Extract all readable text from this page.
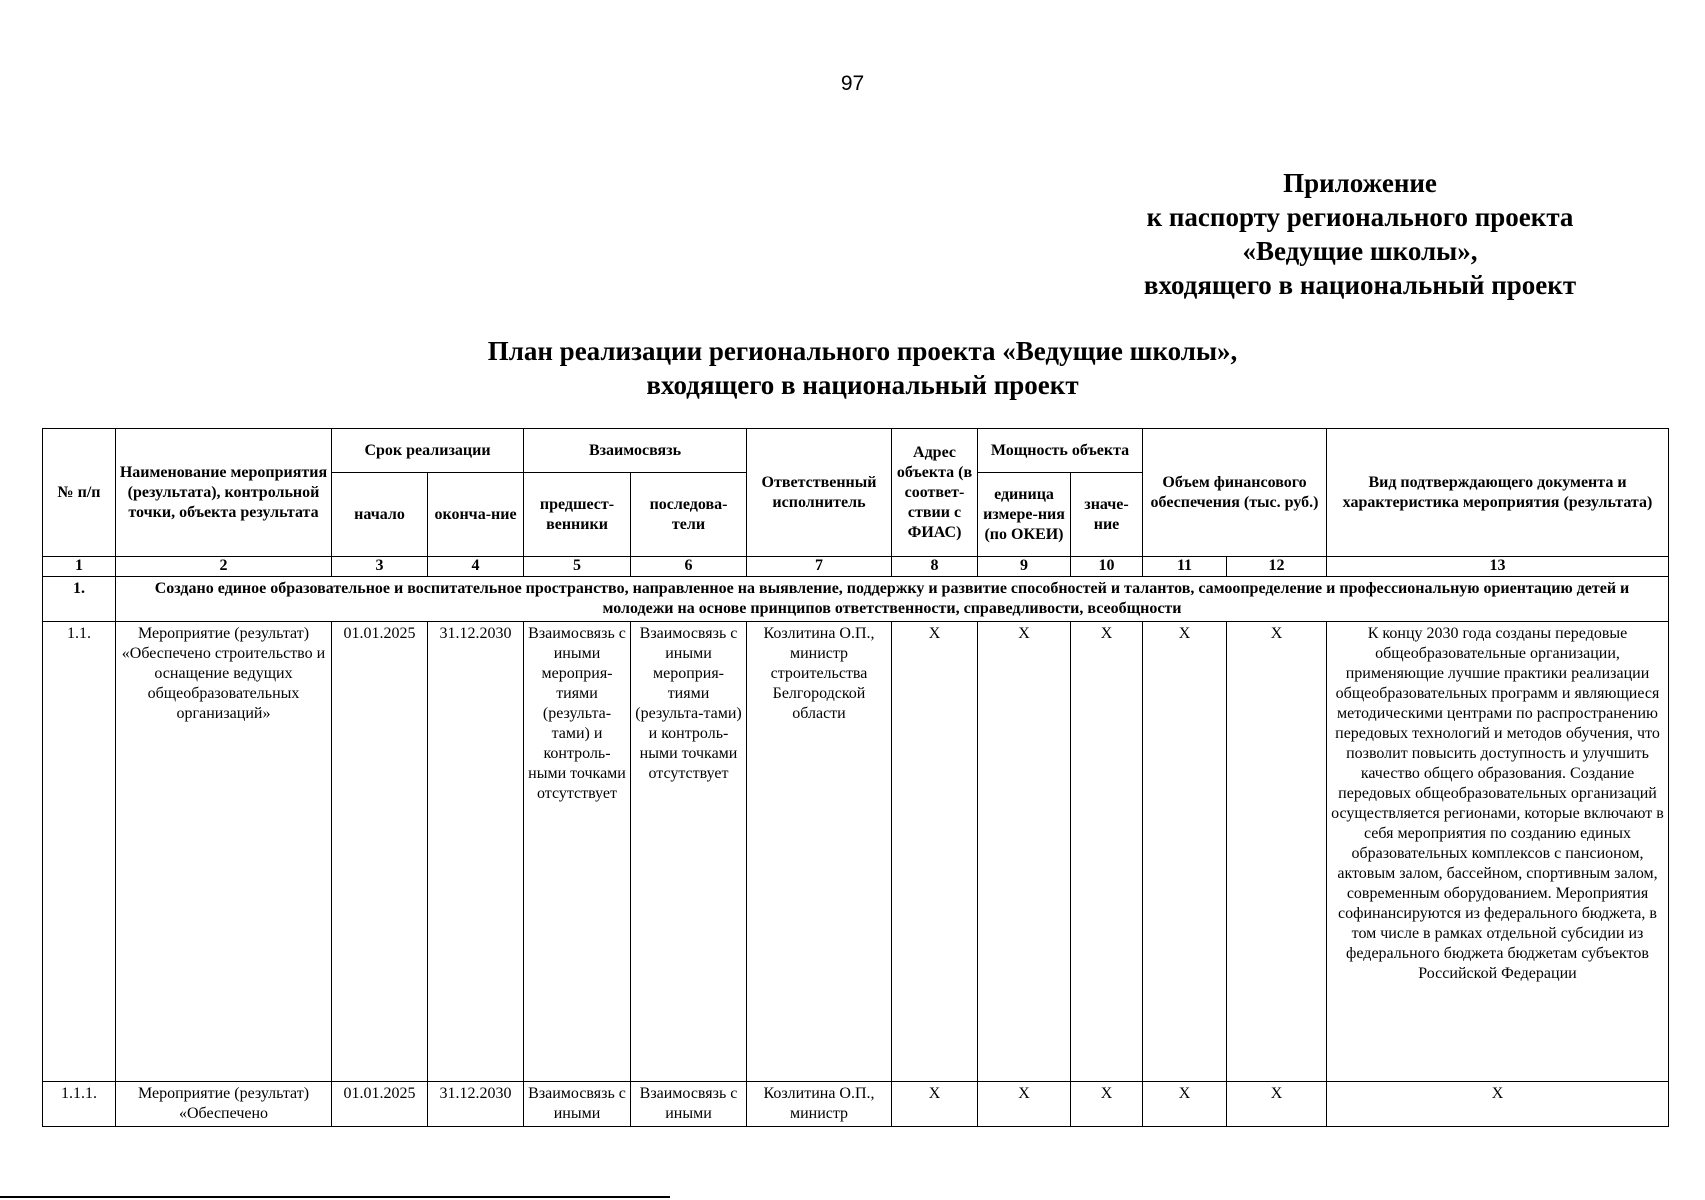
97
Приложение
к паспорту регионального проекта
«Ведущие школы»,
входящего в национальный проект
План реализации регионального проекта «Ведущие школы»,
входящего в национальный проект
№ п/п	Наименование мероприятия (результата), контрольной точки, объекта результата	Срок реализации		Взаимосвязь		Ответственный исполнитель	Адрес объекта (в соответ-ствии с ФИАС)	Мощность объекта		Объем финансового обеспечения (тыс. руб.)		Вид подтверждающего документа и характеристика мероприятия (результата)
		начало	оконча-ние	предшест-венники	последова-тели			единица измере-ния (по ОКЕИ)	значе-ние			
1	2	3	4	5	6	7	8	9	10	11	12	13
1.	Создано единое образовательное и воспитательное пространство, направленное на выявление, поддержку и развитие способностей и талантов, самоопределение и профессиональную ориентацию детей и молодежи на основе принципов ответственности, справедливости, всеобщности											
1.1.	Мероприятие (результат) «Обеспечено строительство и оснащение ведущих общеобразовательных организаций»	01.01.2025	31.12.2030	Взаимосвязь с иными мероприя-тиями (результа-тами) и контроль-ными точками отсутствует	Взаимосвязь с иными мероприя-тиями (результа-тами) и контроль-ными точками отсутствует	Козлитина О.П., министр строительства Белгородской области	X	X	X	X	X	К концу 2030 года созданы передовые общеобразовательные организации, применяющие лучшие практики реализации общеобразовательных программ и являющиеся методическими центрами по распространению передовых технологий и методов обучения, что позволит повысить доступность и улучшить качество общего образования. Создание передовых общеобразовательных организаций осуществляется регионами, которые включают в себя мероприятия по созданию единых образовательных комплексов с пансионом, актовым залом, бассейном, спортивным залом, современным оборудованием. Мероприятия софинансируются из федерального бюджета, в том числе в рамках отдельной субсидии из федерального бюджета бюджетам субъектов Российской Федерации
1.1.1.	Мероприятие (результат) «Обеспечено	01.01.2025	31.12.2030	Взаимосвязь с иными	Взаимосвязь с иными	Козлитина О.П., министр	X	X	X	X	X	X
